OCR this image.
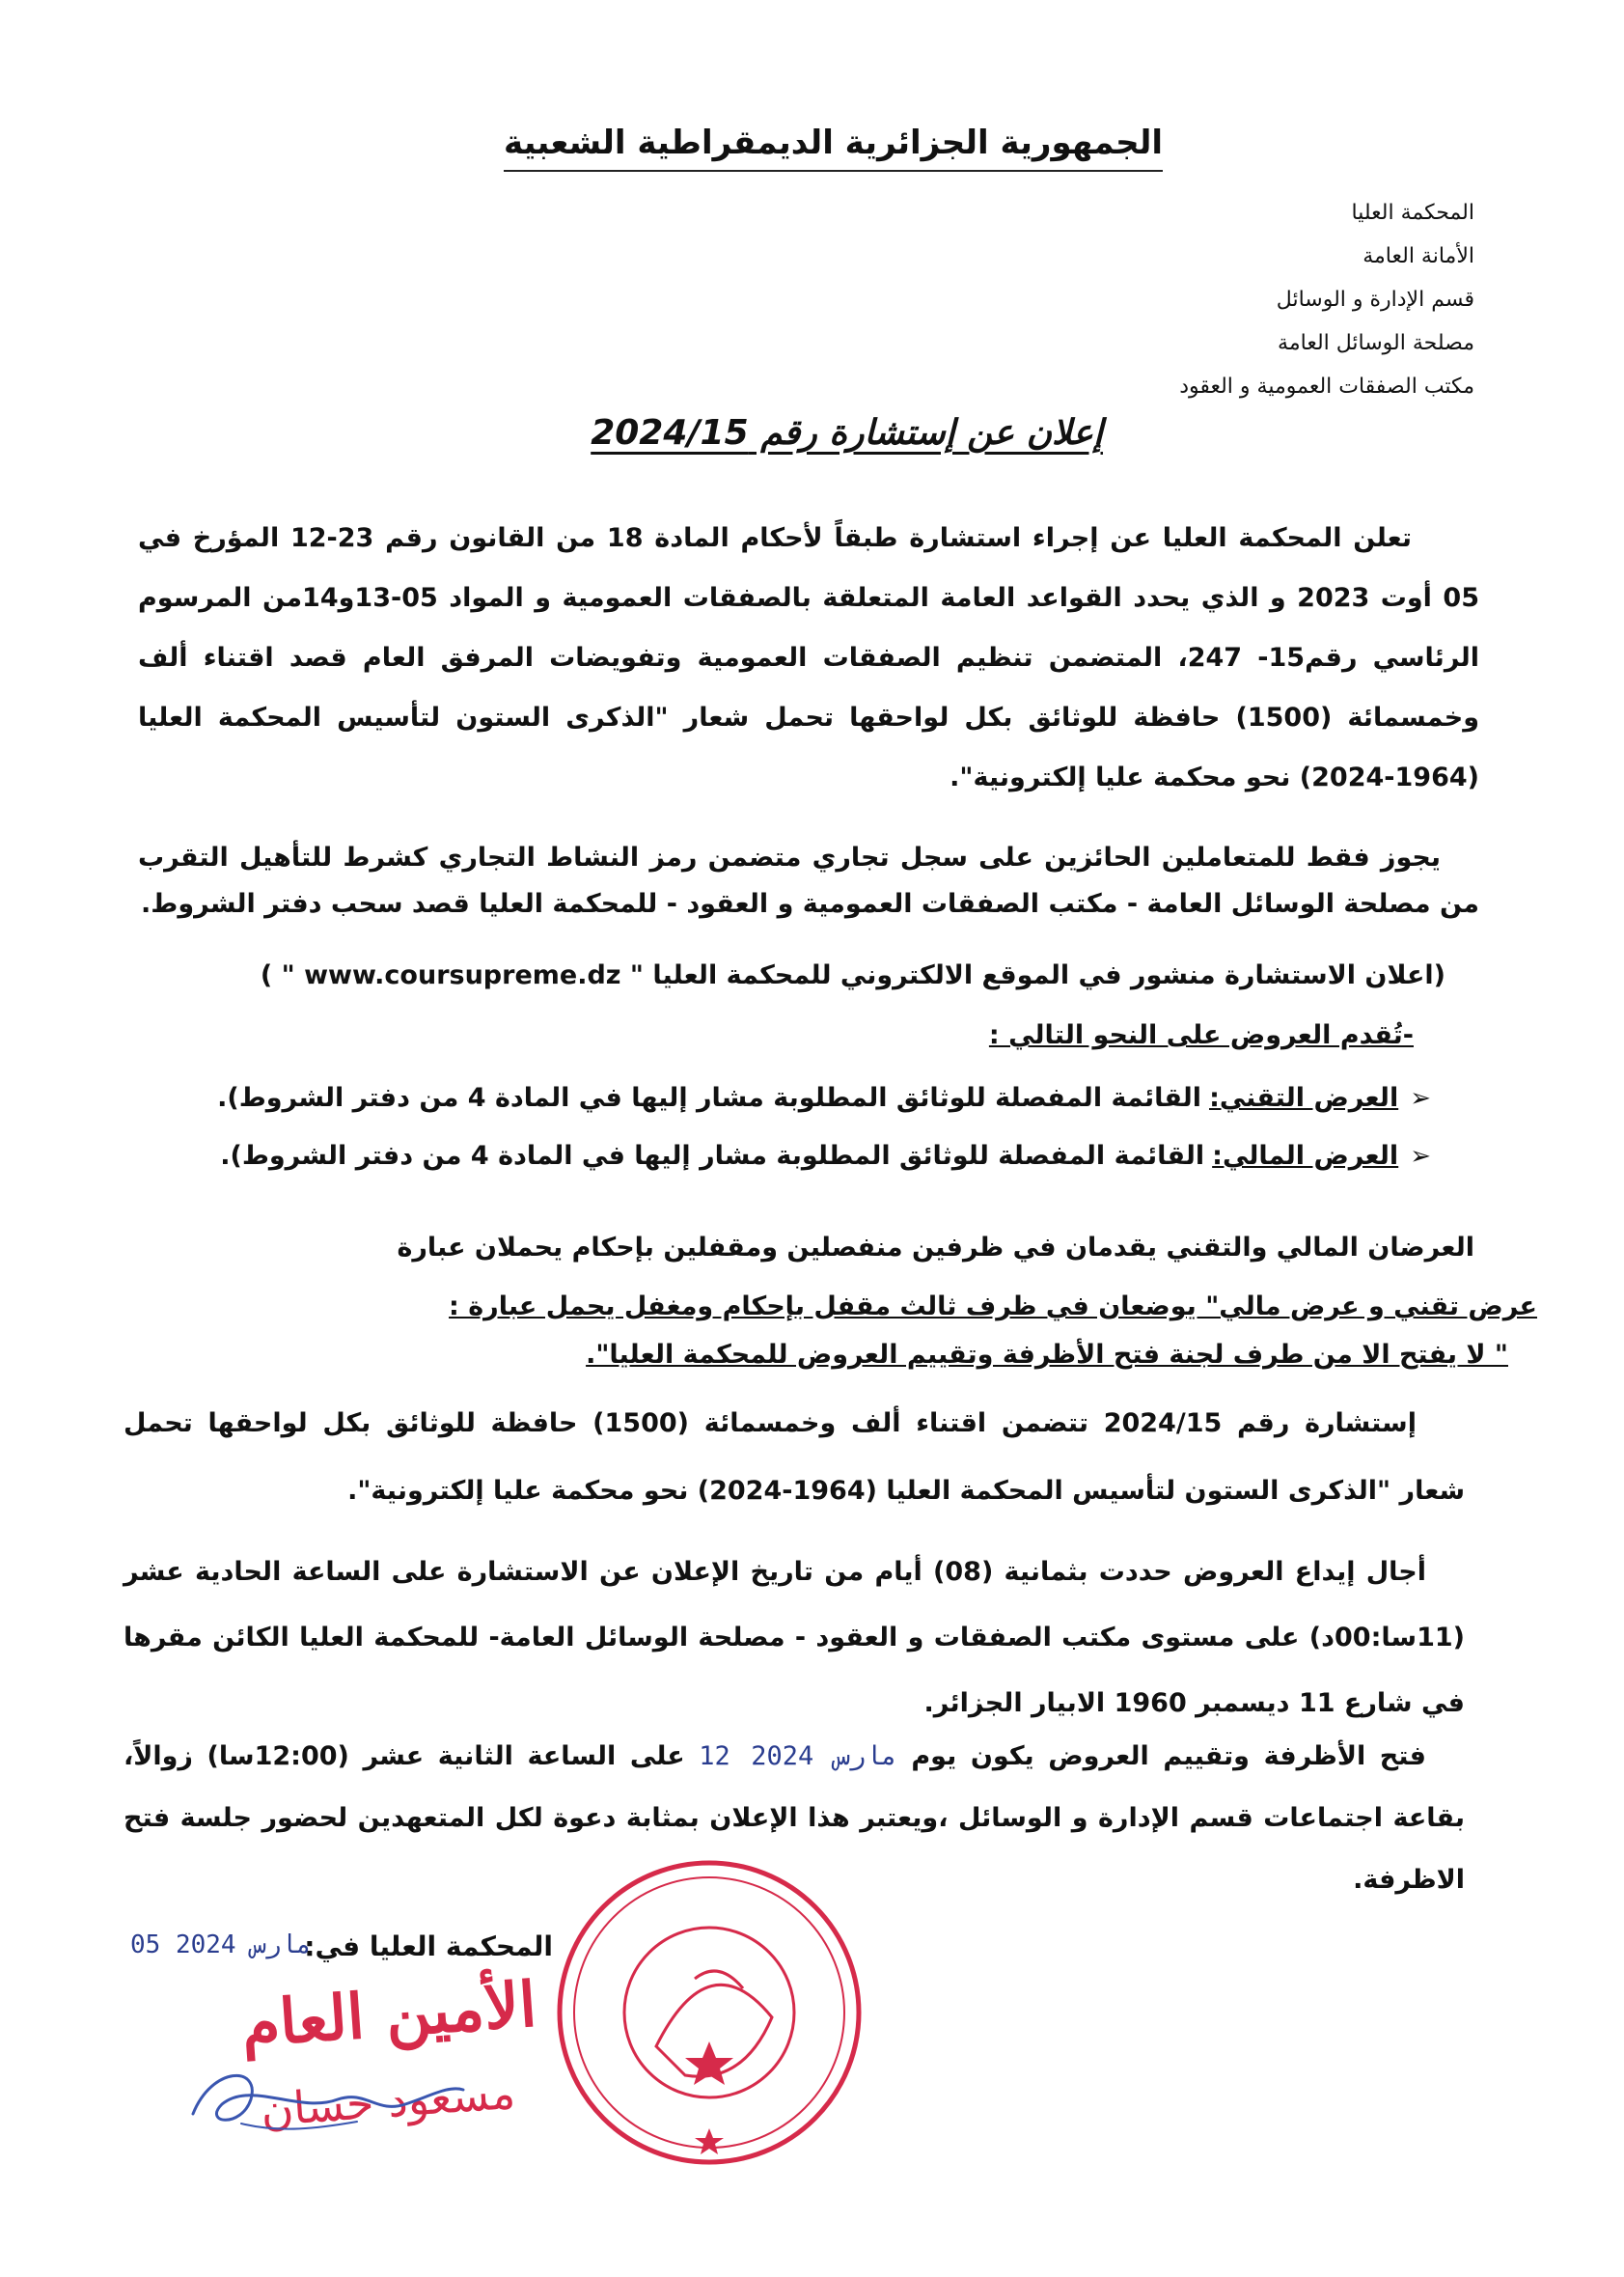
الجمهورية الجزائرية الديمقراطية الشعبية
المحكمة العليا
الأمانة العامة
قسم الإدارة و الوسائل
مصلحة الوسائل العامة
مكتب الصفقات العمومية و العقود
إعلان عن إستشارة رقم 2024/15

تعلن المحكمة العليا عن إجراء استشارة طبقاً لأحكام المادة 18 من القانون رقم 23-12 المؤرخ في 05 أوت 2023 و الذي يحدد القواعد العامة المتعلقة بالصفقات العمومية و المواد 05-13و14من المرسوم الرئاسي رقم15- 247، المتضمن تنظيم الصفقات العمومية وتفويضات المرفق العام قصد اقتناء ألف وخمسمائة (1500) حافظة للوثائق بكل لواحقها تحمل شعار "الذكرى الستون لتأسيس المحكمة العليا (1964-2024) نحو محكمة عليا إلكترونية".

يجوز فقط للمتعاملين الحائزين على سجل تجاري متضمن رمز النشاط التجاري كشرط للتأهيل التقرب من مصلحة الوسائل العامة - مكتب الصفقات العمومية و العقود - للمحكمة العليا قصد سحب دفتر الشروط.

(اعلان الاستشارة منشور في الموقع الالكتروني للمحكمة العليا " www.coursupreme.dz " )

-تُقدم العروض على النحو التالي :

➢
العرض التقني:
القائمة المفصلة للوثائق المطلوبة مشار إليها في المادة 4 من دفتر الشروط).
➢
العرض المالي:
القائمة المفصلة للوثائق المطلوبة مشار إليها في المادة 4 من دفتر الشروط).

العرضان المالي والتقني يقدمان في ظرفين منفصلين ومقفلين بإحكام يحملان عبارة

عرض تقني و عرض مالي" يوضعان في ظرف ثالث مقفل بإحكام ومغفل يحمل عبارة :

" لا يفتح الا من طرف لجنة فتح الأظرفة وتقييم العروض للمحكمة العليا".

إستشارة رقم 2024/15 تتضمن اقتناء ألف وخمسمائة (1500) حافظة للوثائق بكل لواحقها تحمل شعار "الذكرى الستون لتأسيس المحكمة العليا (1964-2024) نحو محكمة عليا إلكترونية".

أجال إيداع العروض حددت بثمانية (08) أيام من تاريخ الإعلان عن الاستشارة على الساعة الحادية عشر (11سا:00د) على مستوى مكتب الصفقات و العقود - مصلحة الوسائل العامة- للمحكمة العليا الكائن مقرها في شارع 11 ديسمبر 1960 الابيار الجزائر.

فتح الأظرفة وتقييم العروض يكون يوم 12 مارس 2024 على الساعة الثانية عشر (12:00سا) زوالاً، بقاعة اجتماعات قسم الإدارة و الوسائل ،ويعتبر هذا الإعلان بمثابة دعوة لكل المتعهدين لحضور جلسة فتح الاظرفة.

المحكمة العليا في:

05 مارس 2024
الأمين العام
مسعود حسان
